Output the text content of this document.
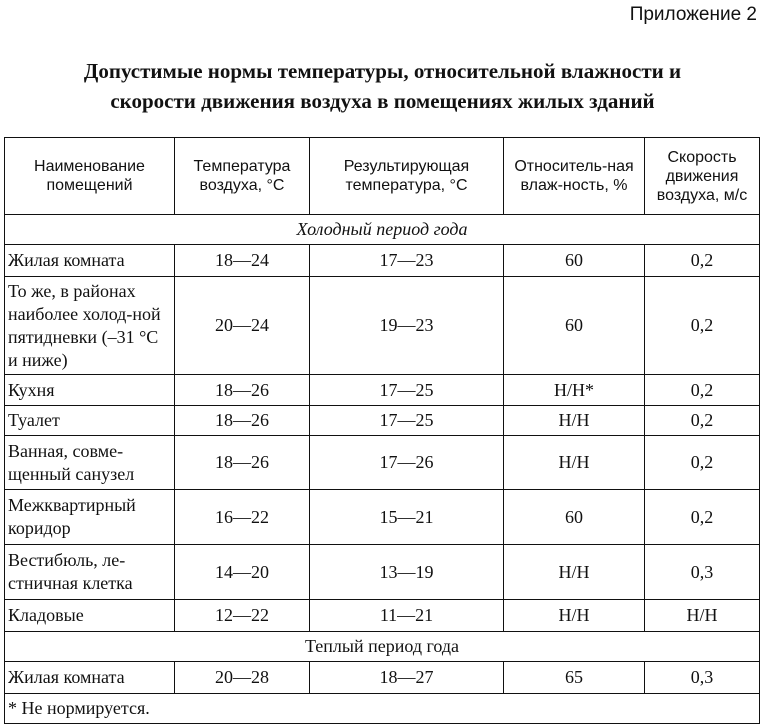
Приложение 2
Допустимые нормы температуры, относительной влажности и
скорости движения воздуха в помещениях жилых зданий
Наименование помещений	Температура воздуха, °С	Результирующая температура, °С	Относитель-ная влаж-ность, %	Скорость движения воздуха, м/с
Холодный период года				
Жилая комната	18—24	17—23	60	0,2
То же, в районах наиболее холод-ной пятидневки (–31 °С и ниже)	20—24	19—23	60	0,2
Кухня	18—26	17—25	Н/Н*	0,2
Туалет	18—26	17—25	Н/Н	0,2
Ванная, совме-щенный санузел	18—26	17—26	Н/Н	0,2
Межквартирный коридор	16—22	15—21	60	0,2
Вестибюль, ле-стничная клетка	14—20	13—19	Н/Н	0,3
Кладовые	12—22	11—21	Н/Н	Н/Н
Теплый период года				
Жилая комната	20—28	18—27	65	0,3
* Не нормируется.				
